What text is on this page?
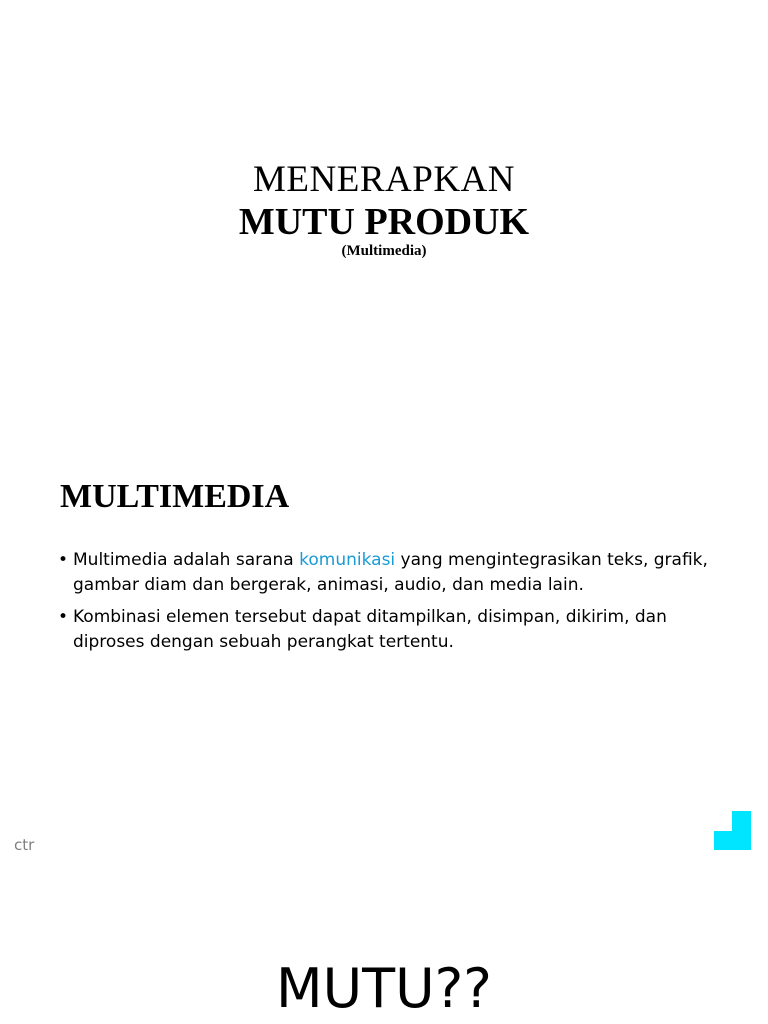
MENERAPKAN
MUTU PRODUK
(Multimedia)
MULTIMEDIA
• Multimedia adalah sarana komunikasi yang mengintegrasikan teks, grafik, gambar diam dan bergerak, animasi, audio, dan media lain.
• Kombinasi elemen tersebut dapat ditampilkan, disimpan, dikirim, dan diproses dengan sebuah perangkat tertentu.
ctr
MUTU??
